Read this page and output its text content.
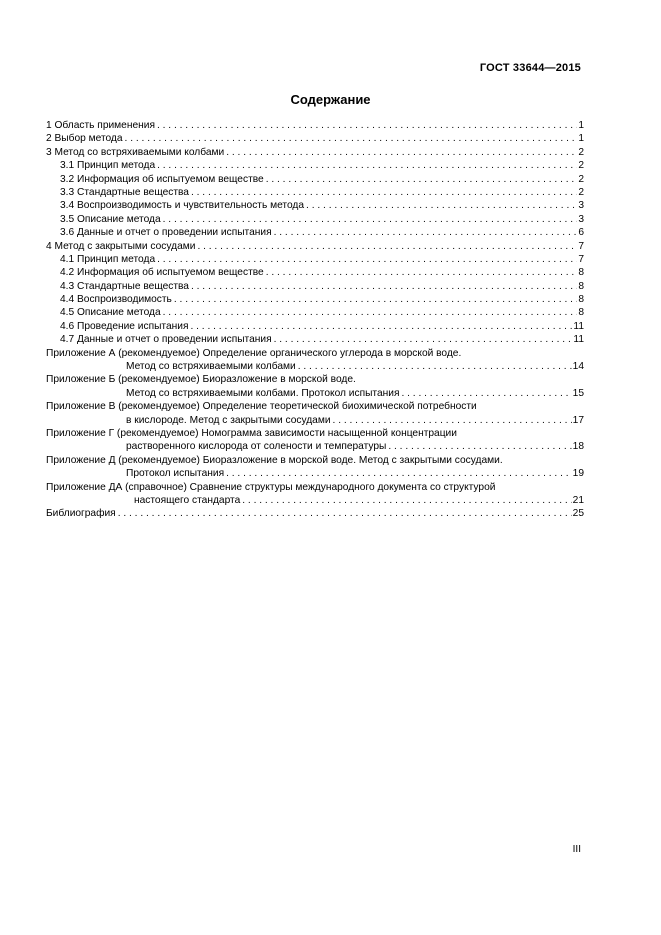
ГОСТ 33644—2015
Содержание
1 Область применения . . .	1
2 Выбор метода . . .	1
3 Метод со встряхиваемыми колбами . . .	2
3.1 Принцип метода . . .	2
3.2 Информация об испытуемом веществе . . .	2
3.3 Стандартные вещества . . .	2
3.4 Воспроизводимость и чувствительность метода . . .	3
3.5 Описание метода . . .	3
3.6 Данные и отчет о проведении испытания . . .	6
4 Метод с закрытыми сосудами . . .	7
4.1 Принцип метода . . .	7
4.2 Информация об испытуемом веществе . . .	8
4.3 Стандартные вещества . . .	8
4.4 Воспроизводимость . . .	8
4.5 Описание метода . . .	8
4.6 Проведение испытания . . .	11
4.7 Данные и отчет о проведении испытания . . .	11
Приложение А (рекомендуемое) Определение органического углерода в морской воде.
Метод со встряхиваемыми колбами . . .	14
Приложение Б (рекомендуемое) Биоразложение в морской воде.
Метод со встряхиваемыми колбами. Протокол испытания . . .	15
Приложение В (рекомендуемое) Определение теоретической биохимической потребности
в кислороде. Метод с закрытыми сосудами . . .	17
Приложение Г (рекомендуемое) Номограмма зависимости насыщенной концентрации
растворенного кислорода от солености и температуры . . .	18
Приложение Д (рекомендуемое) Биоразложение в морской воде. Метод с закрытыми сосудами.
Протокол испытания . . .	19
Приложение ДА (справочное) Сравнение структуры международного документа со структурой
настоящего стандарта . . .	21
Библиография . . .	25
III
